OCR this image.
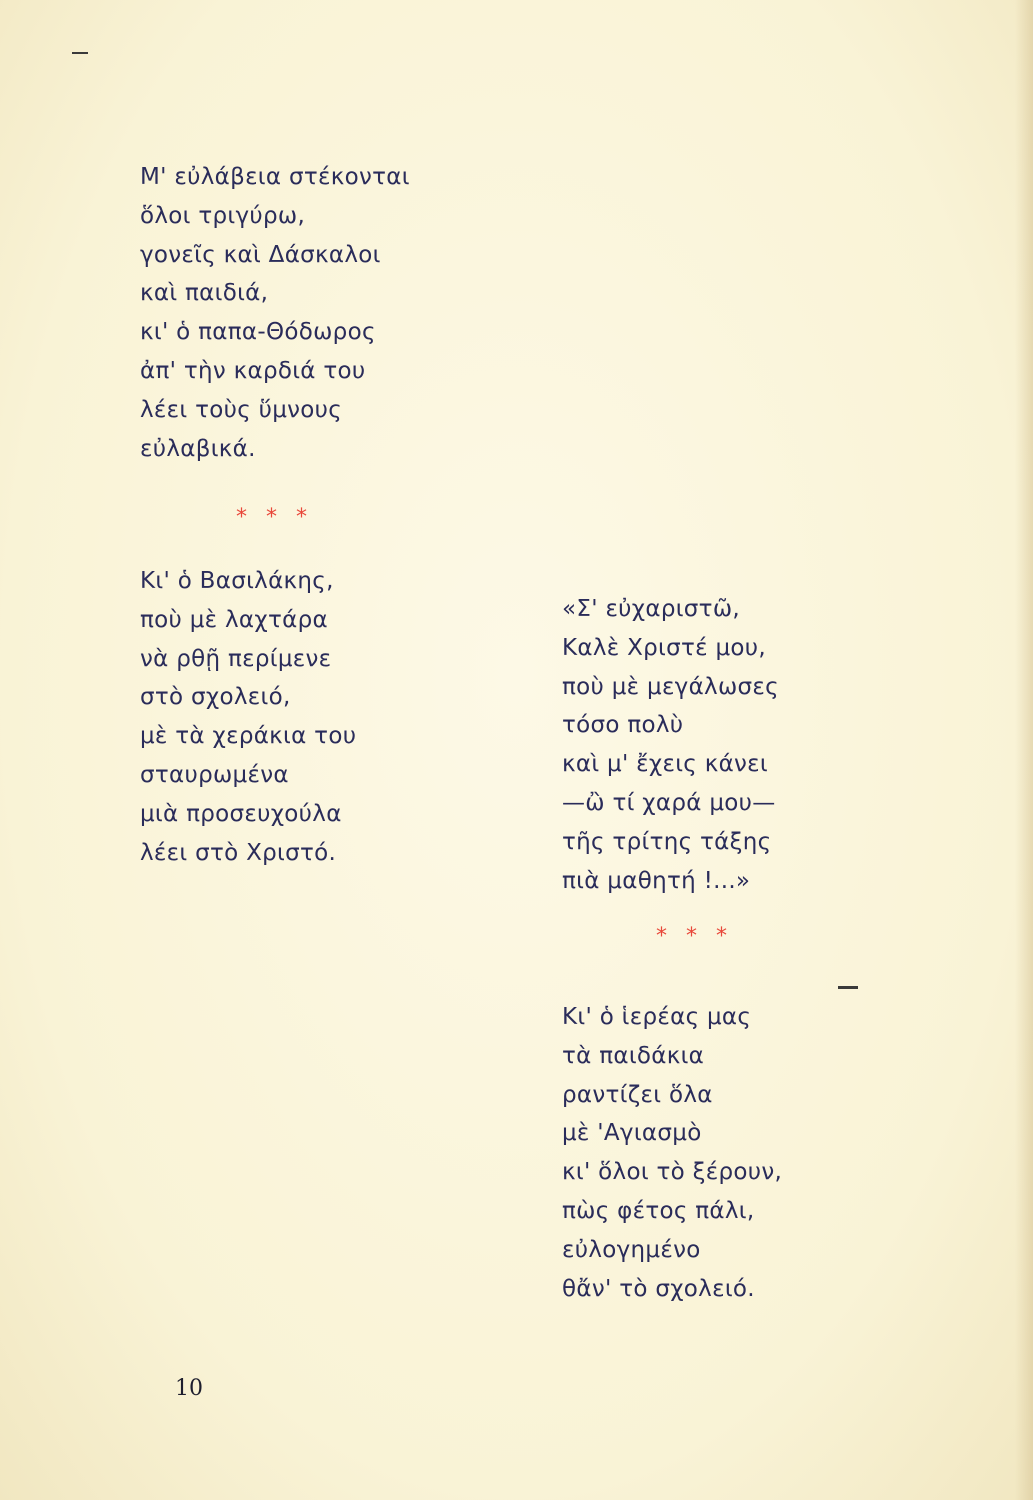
Μ' εὐλάβεια στέκονται
ὅλοι τριγύρω,
γονεῖς καὶ Δάσκαλοι
καὶ παιδιά,
κι' ὁ παπα-Θόδωρος
ἀπ' τὴν καρδιά του
λέει τοὺς ὕμνους
εὐλαβικά.
* * *
Κι' ὁ Βασιλάκης,
ποὺ μὲ λαχτάρα
νὰ ρθῇ περίμενε
στὸ σχολειό,
μὲ τὰ χεράκια του
σταυρωμένα
μιὰ προσευχούλα
λέει στὸ Χριστό.
«Σ' εὐχαριστῶ,
Καλὲ Χριστέ μου,
ποὺ μὲ μεγάλωσες
τόσο πολὺ
καὶ μ' ἔχεις κάνει
—ὢ τί χαρά μου—
τῆς τρίτης τάξης
πιὰ μαθητή !...»
* * *
Κι' ὁ ἱερέας μας
τὰ παιδάκια
ραντίζει ὅλα
μὲ 'Αγιασμὸ
κι' ὅλοι τὸ ξέρουν,
πὼς φέτος πάλι,
εὐλογημένο
θἄν' τὸ σχολειό.
10
